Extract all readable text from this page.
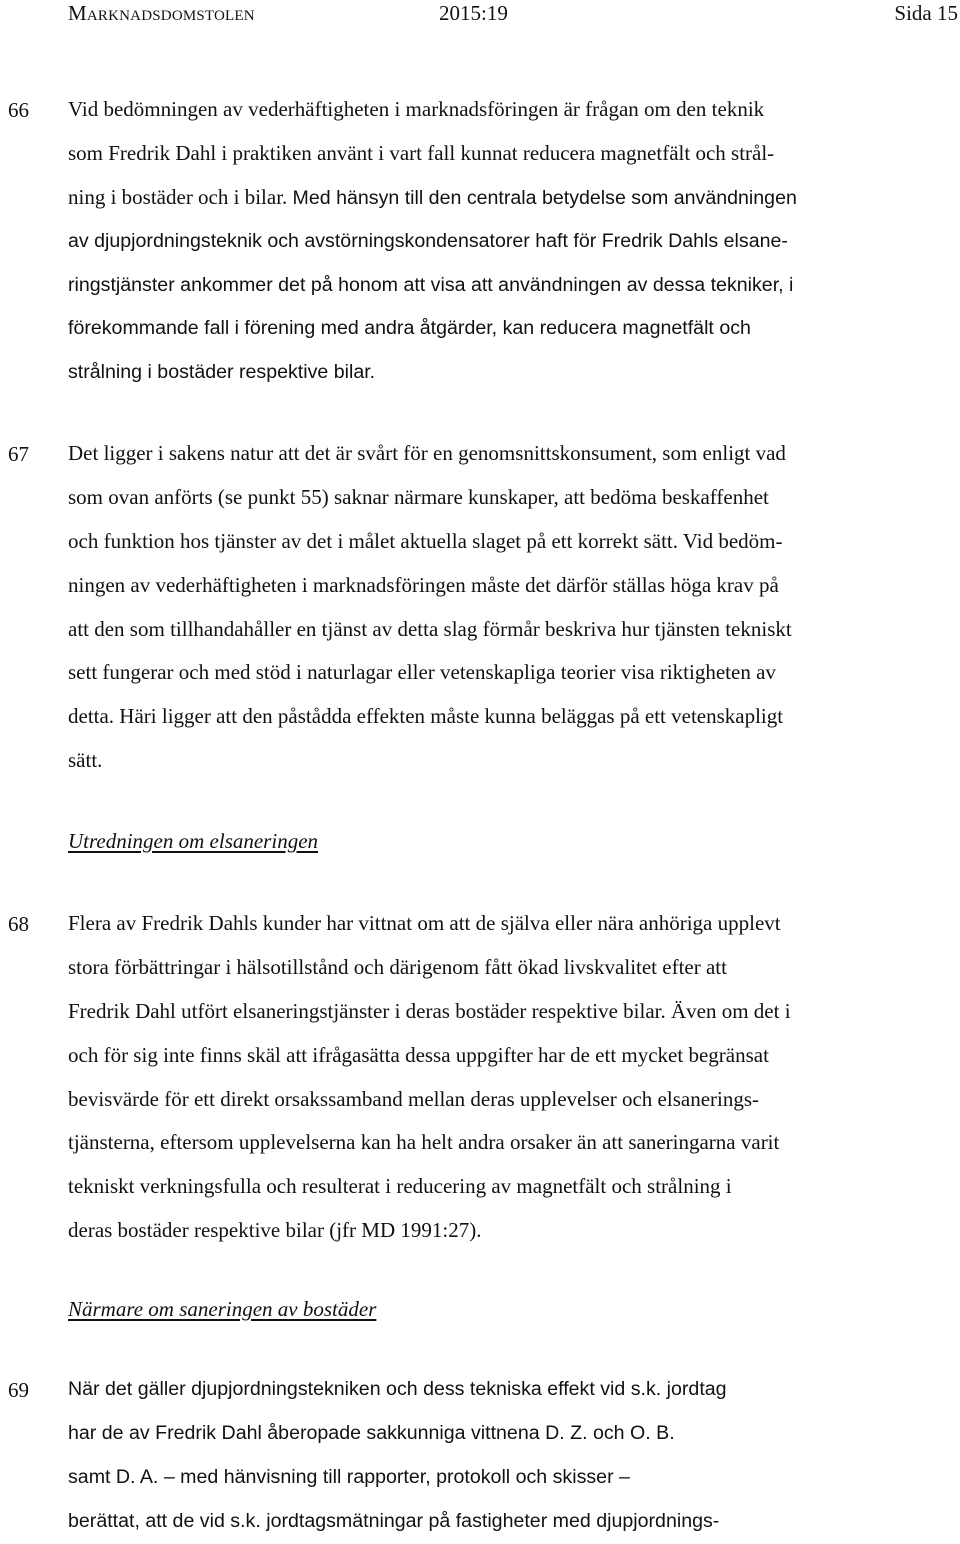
Marknadsdomstolen	2015:19	Sida 15
66 Vid bedömningen av vederhäftigheten i marknadsföringen är frågan om den teknik
som Fredrik Dahl i praktiken använt i vart fall kunnat reducera magnetfält och strål-
ning i bostäder och i bilar. Med hänsyn till den centrala betydelse som användningen
av djupjordningsteknik och avstörningskondensatorer haft för Fredrik Dahls elsane-
ringstjänster ankommer det på honom att visa att användningen av dessa tekniker, i
förekommande fall i förening med andra åtgärder, kan reducera magnetfält och
strålning i bostäder respektive bilar.
67 Det ligger i sakens natur att det är svårt för en genomsnittskonsument, som enligt vad
som ovan anförts (se punkt 55) saknar närmare kunskaper, att bedöma beskaffenhet
och funktion hos tjänster av det i målet aktuella slaget på ett korrekt sätt. Vid bedöm-
ningen av vederhäftigheten i marknadsföringen måste det därför ställas höga krav på
att den som tillhandahåller en tjänst av detta slag förmår beskriva hur tjänsten tekniskt
sett fungerar och med stöd i naturlagar eller vetenskapliga teorier visa riktigheten av
detta. Häri ligger att den påstådda effekten måste kunna beläggas på ett vetenskapligt
sätt.
Utredningen om elsaneringen
68 Flera av Fredrik Dahls kunder har vittnat om att de själva eller nära anhöriga upplevt
stora förbättringar i hälsotillstånd och därigenom fått ökad livskvalitet efter att
Fredrik Dahl utfört elsaneringstjänster i deras bostäder respektive bilar. Även om det i
och för sig inte finns skäl att ifrågasätta dessa uppgifter har de ett mycket begränsat
bevisvärde för ett direkt orsakssamband mellan deras upplevelser och elsanerings-
tjänsterna, eftersom upplevelserna kan ha helt andra orsaker än att saneringarna varit
tekniskt verkningsfulla och resulterat i reducering av magnetfält och strålning i
deras bostäder respektive bilar (jfr MD 1991:27).
Närmare om saneringen av bostäder
69 När det gäller djupjordningstekniken och dess tekniska effekt vid s.k. jordtag
har de av Fredrik Dahl åberopade sakkunniga vittnena D. Z. och O. B.
samt D. A. – med hänvisning till rapporter, protokoll och skisser –
berättat, att de vid s.k. jordtagsmätningar på fastigheter med djupjordnings-
